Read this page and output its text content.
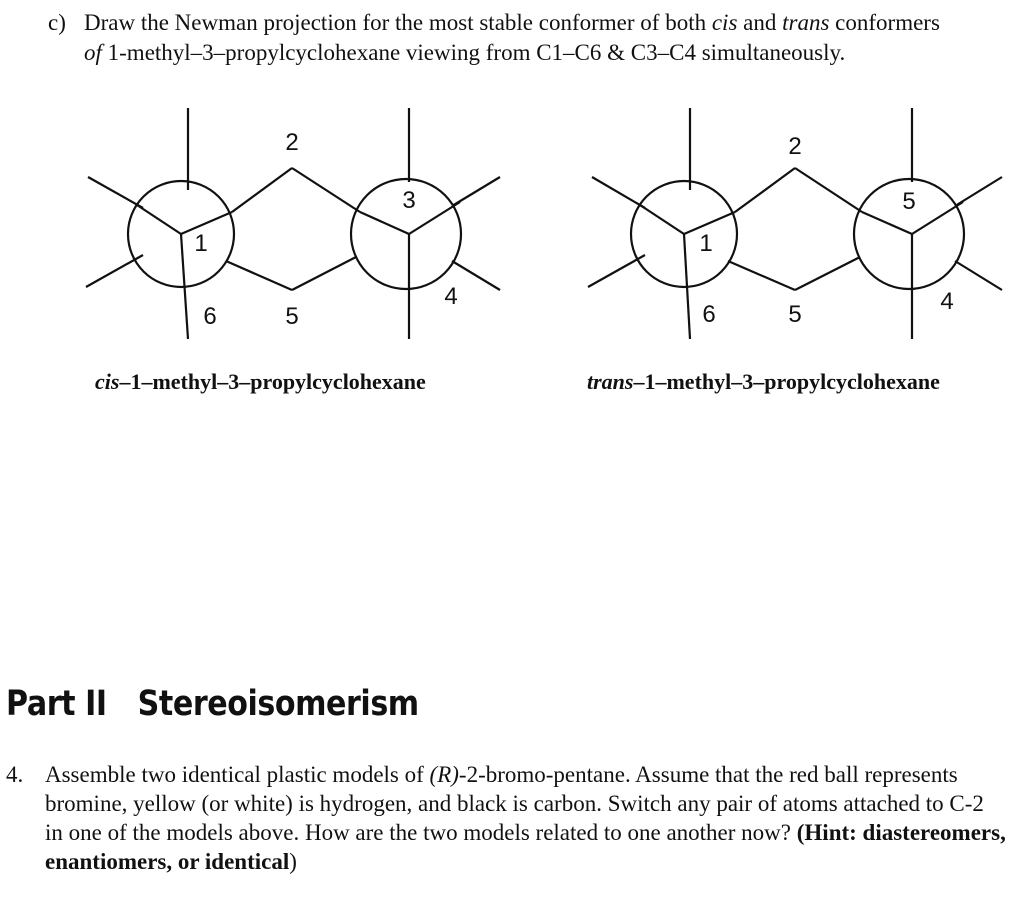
c) Draw the Newman projection for the most stable conformer of both cis and trans conformers of 1-methyl–3–propylcyclohexane viewing from C1–C6 & C3–C4 simultaneously.
2
3
1
4
6	5
2
5
1
4
6	5
cis–1–methyl–3–propylcyclohexane	trans–1–methyl–3–propylcyclohexane
Part II Stereoisomerism
4. Assemble two identical plastic models of (R)-2-bromo-pentane. Assume that the red ball represents bromine, yellow (or white) is hydrogen, and black is carbon. Switch any pair of atoms attached to C-2 in one of the models above. How are the two models related to one another now? (Hint: diastereomers, enantiomers, or identical)
